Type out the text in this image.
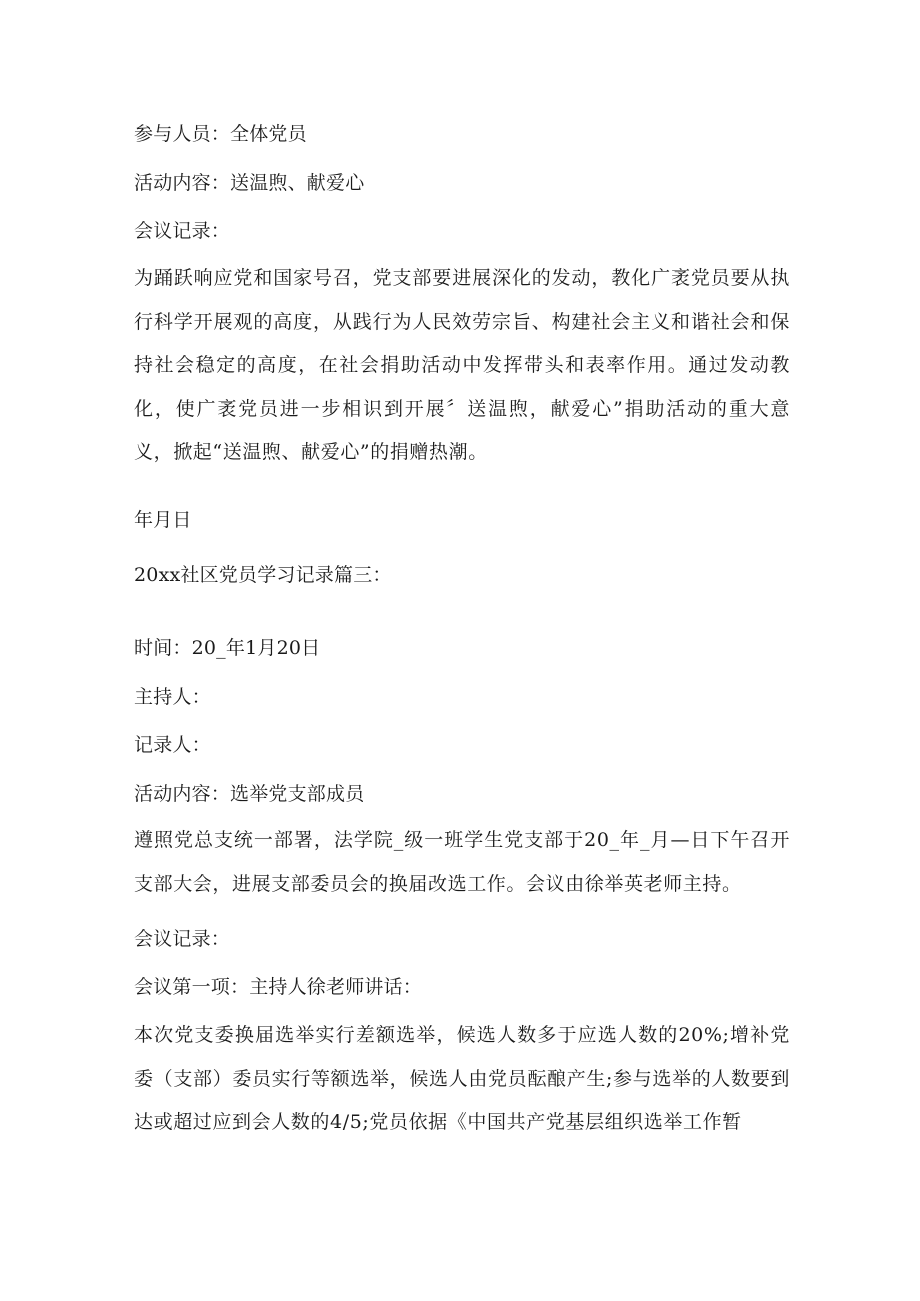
参与人员：全体党员

活动内容：送温煦、献爱心

会议记录：

为踊跃响应党和国家号召，党支部要进展深化的发动，教化广袤党员要从执行科学开展观的高度，从践行为人民效劳宗旨、构建社会主义和谐社会和保持社会稳定的高度，在社会捐助活动中发挥带头和表率作用。通过发动教化，使广袤党员进一步相识到开展〞送温煦，献爱心”捐助活动的重大意义，掀起“送温煦、献爱心”的捐赠热潮。

年月日

20xx社区党员学习记录篇三：

时间：20_年1月20日

主持人：

记录人：

活动内容：选举党支部成员

遵照党总支统一部署，法学院_级一班学生党支部于20_年_月—日下午召开支部大会，进展支部委员会的换届改选工作。会议由徐举英老师主持。

会议记录：

会议第一项：主持人徐老师讲话：

本次党支委换届选举实行差额选举，候选人数多于应选人数的20%;增补党委（支部）委员实行等额选举，候选人由党员酝酿产生;参与选举的人数要到达或超过应到会人数的4/5;党员依据《中国共产党基层组织选举工作暂
